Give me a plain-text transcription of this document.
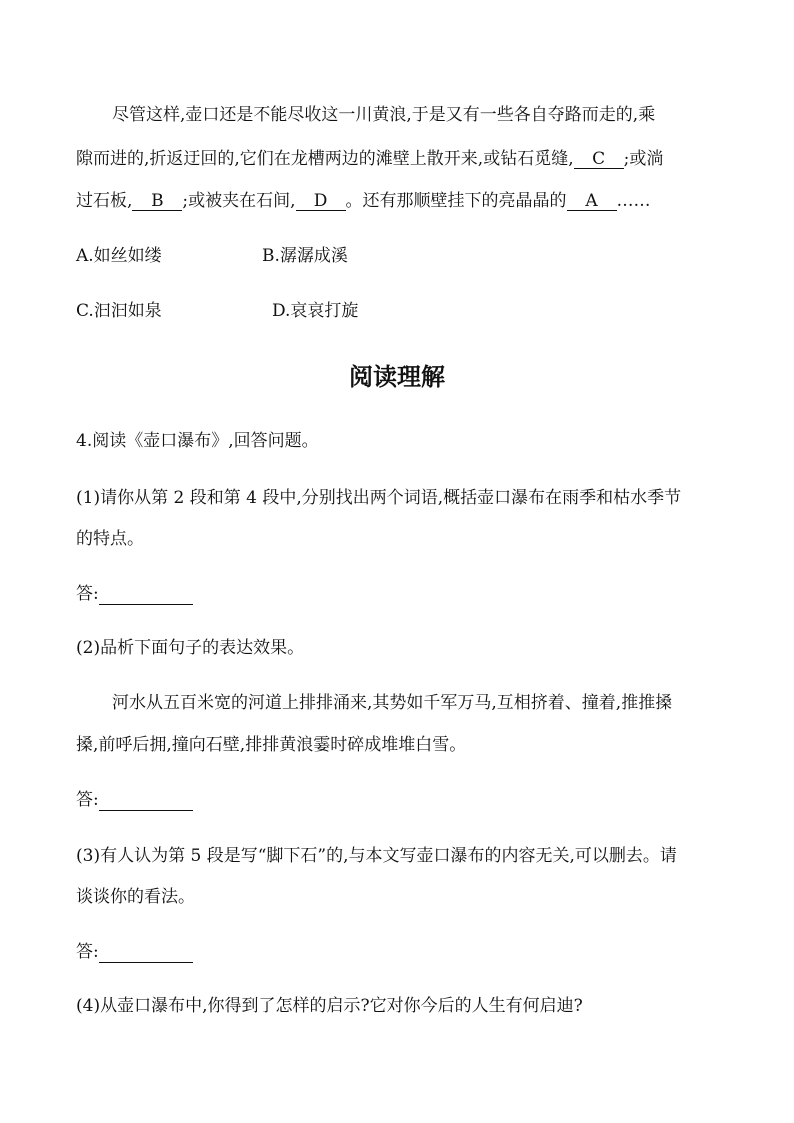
尽管这样,壶口还是不能尽收这一川黄浪,于是又有一些各自夺路而走的,乘
隙而进的,折返迂回的,它们在龙槽两边的滩壁上散开来,或钻石觅缝, C ;或淌
过石板, B ;或被夹在石间, D 。还有那顺壁挂下的亮晶晶的 A ……
A.如丝如缕	B.潺潺成溪
C.汩汩如泉	D.哀哀打旋
阅读理解
4.阅读《壶口瀑布》,回答问题。
(1)请你从第 2 段和第 4 段中,分别找出两个词语,概括壶口瀑布在雨季和枯水季节
的特点。
答:
(2)品析下面句子的表达效果。
河水从五百米宽的河道上排排涌来,其势如千军万马,互相挤着、撞着,推推搡
搡,前呼后拥,撞向石壁,排排黄浪霎时碎成堆堆白雪。
答:
(3)有人认为第 5 段是写“脚下石”的,与本文写壶口瀑布的内容无关,可以删去。请
谈谈你的看法。
答:
(4)从壶口瀑布中,你得到了怎样的启示?它对你今后的人生有何启迪?
